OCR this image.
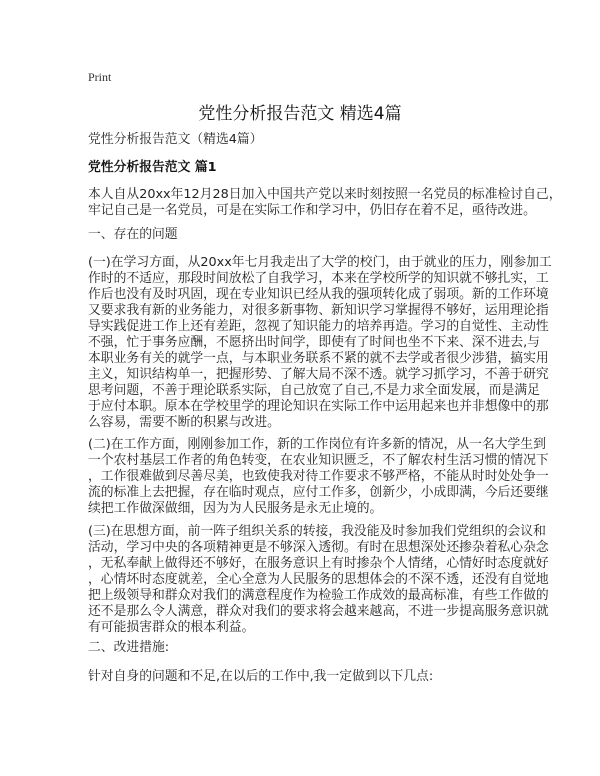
Print
党性分析报告范文 精选4篇
党性分析报告范文（精选4篇）
党性分析报告范文 篇1
本人自从20xx年12月28日加入中国共产党以来时刻按照一名党员的标准检讨自己，
牢记自己是一名党员，可是在实际工作和学习中，仍旧存在着不足，亟待改进。
一、存在的问题
(一)在学习方面，从20xx年七月我走出了大学的校门，由于就业的压力，刚参加工
作时的不适应，那段时间放松了自我学习，本来在学校所学的知识就不够扎实，工
作后也没有及时巩固，现在专业知识已经从我的强项转化成了弱项。新的工作环境
又要求我有新的业务能力，对很多新事物、新知识学习掌握得不够好，运用理论指
导实践促进工作上还有差距，忽视了知识能力的培养再造。学习的自觉性、主动性
不强，忙于事务应酬，不愿挤出时间学，即使有了时间也坐不下来、深不进去,与
本职业务有关的就学一点，与本职业务联系不紧的就不去学或者很少涉猎，搞实用
主义，知识结构单一，把握形势、了解大局不深不透。就学习抓学习，不善于研究
思考问题，不善于理论联系实际，自己放宽了自己,不是力求全面发展，而是满足
于应付本职。原本在学校里学的理论知识在实际工作中运用起来也并非想像中的那
么容易，需要不断的积累与改进。
(二)在工作方面，刚刚参加工作，新的工作岗位有许多新的情况，从一名大学生到
一个农村基层工作者的角色转变，在农业知识匮乏，不了解农村生活习惯的情况下
，工作很难做到尽善尽美，也致使我对待工作要求不够严格，不能从时时处处争一
流的标准上去把握，存在临时观点，应付工作多，创新少，小成即满，今后还要继
续把工作做深做细，因为为人民服务是永无止境的。
(三)在思想方面，前一阵子组织关系的转接，我没能及时参加我们党组织的会议和
活动，学习中央的各项精神更是不够深入透彻。有时在思想深处还掺杂着私心杂念
，无私奉献上做得还不够好，在服务意识上有时掺杂个人情绪，心情好时态度就好
，心情坏时态度就差，全心全意为人民服务的思想体会的不深不透，还没有自觉地
把上级领导和群众对我们的满意程度作为检验工作成效的最高标准，有些工作做的
还不是那么令人满意，群众对我们的要求将会越来越高，不进一步提高服务意识就
有可能损害群众的根本利益。
二、改进措施:
针对自身的问题和不足,在以后的工作中,我一定做到以下几点:
